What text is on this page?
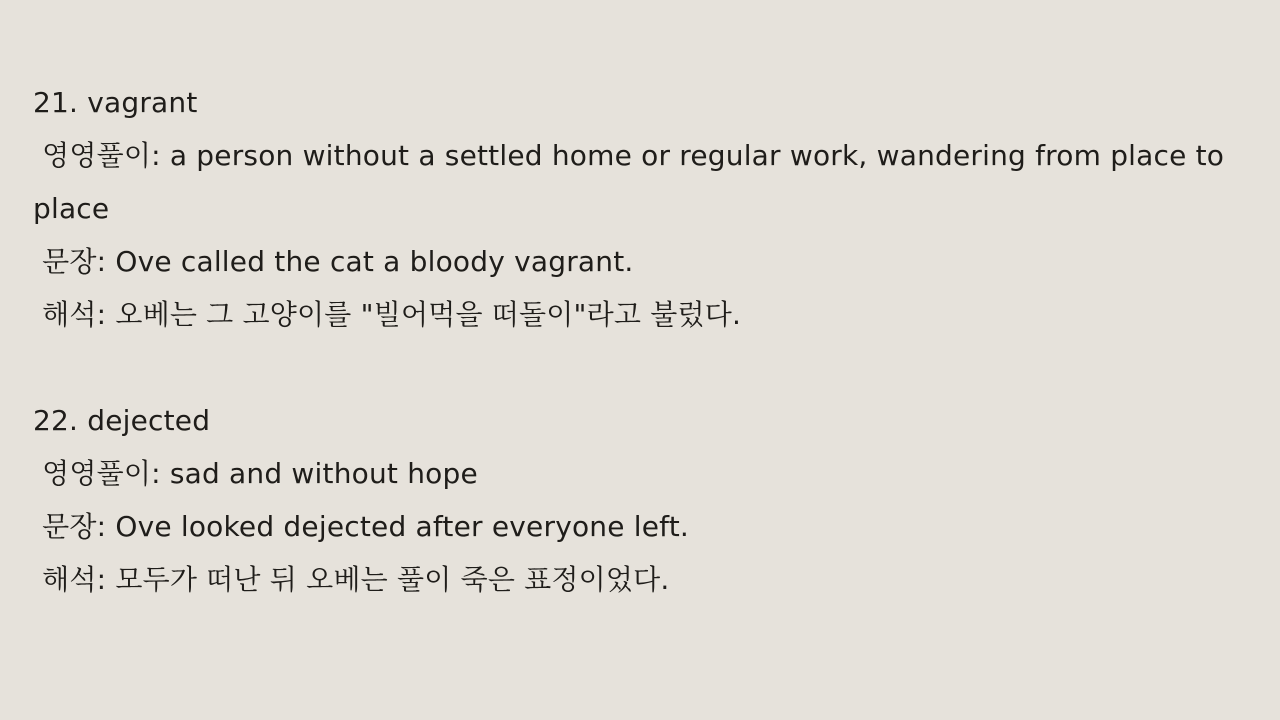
21. vagrant
영영풀이: a person without a settled home or regular work, wandering from place to place
문장: Ove called the cat a bloody vagrant.
해석: 오베는 그 고양이를 "빌어먹을 떠돌이"라고 불렀다.
22. dejected
영영풀이: sad and without hope
문장: Ove looked dejected after everyone left.
해석: 모두가 떠난 뒤 오베는 풀이 죽은 표정이었다.
